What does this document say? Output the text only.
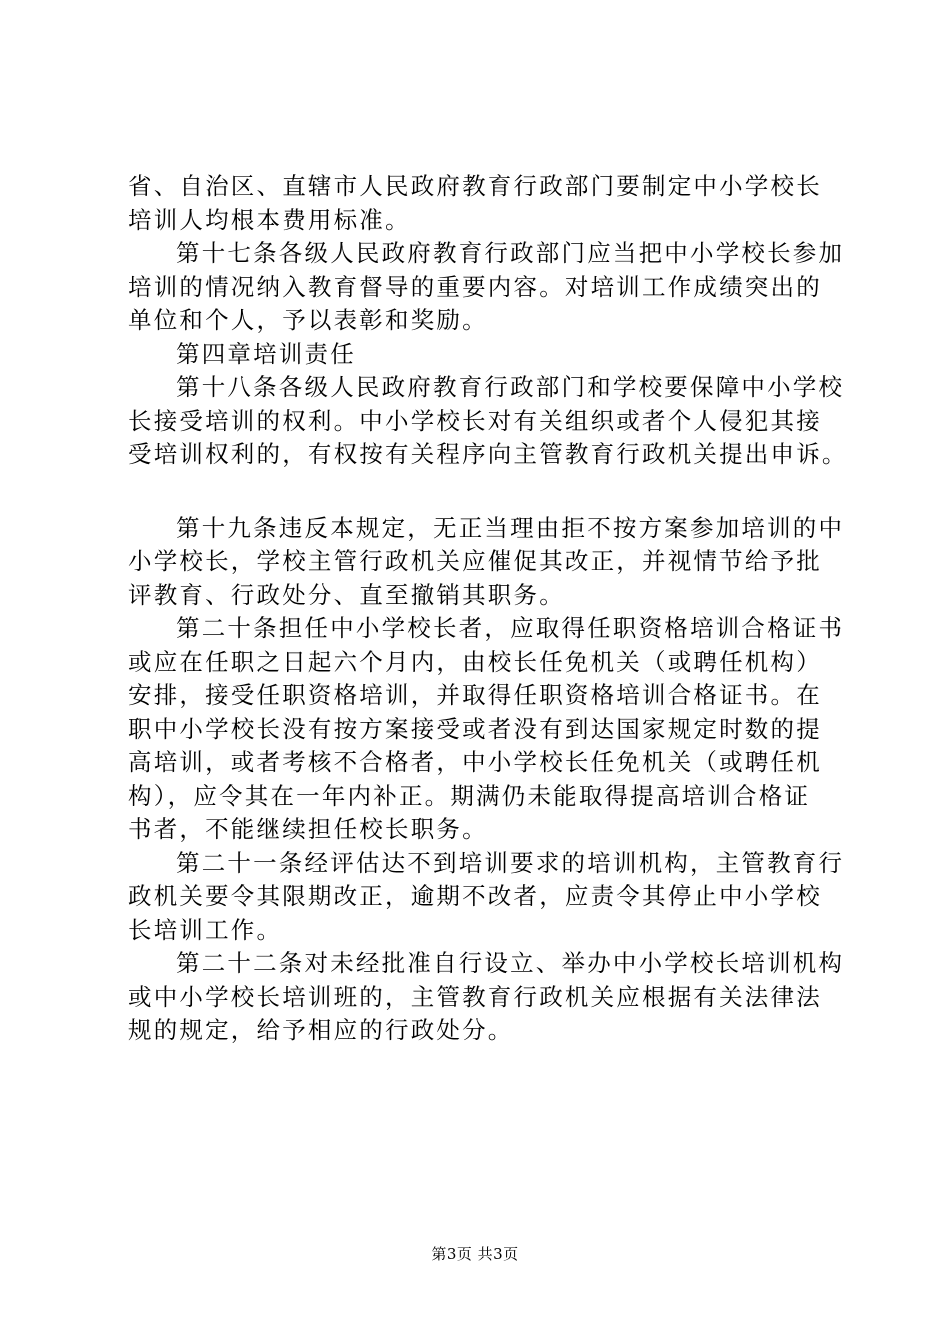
省、自治区、直辖市人民政府教育行政部门要制定中小学校长
培训人均根本费用标准。
第十七条各级人民政府教育行政部门应当把中小学校长参加
培训的情况纳入教育督导的重要内容。对培训工作成绩突出的
单位和个人，予以表彰和奖励。
第四章培训责任
第十八条各级人民政府教育行政部门和学校要保障中小学校
长接受培训的权利。中小学校长对有关组织或者个人侵犯其接
受培训权利的，有权按有关程序向主管教育行政机关提出申诉。
第十九条违反本规定，无正当理由拒不按方案参加培训的中
小学校长，学校主管行政机关应催促其改正，并视情节给予批
评教育、行政处分、直至撤销其职务。
第二十条担任中小学校长者，应取得任职资格培训合格证书
或应在任职之日起六个月内，由校长任免机关（或聘任机构）
安排，接受任职资格培训，并取得任职资格培训合格证书。在
职中小学校长没有按方案接受或者没有到达国家规定时数的提
高培训，或者考核不合格者，中小学校长任免机关（或聘任机
构），应令其在一年内补正。期满仍未能取得提高培训合格证
书者，不能继续担任校长职务。
第二十一条经评估达不到培训要求的培训机构，主管教育行
政机关要令其限期改正，逾期不改者，应责令其停止中小学校
长培训工作。
第二十二条对未经批准自行设立、举办中小学校长培训机构
或中小学校长培训班的，主管教育行政机关应根据有关法律法
规的规定，给予相应的行政处分。
第3页 共3页
